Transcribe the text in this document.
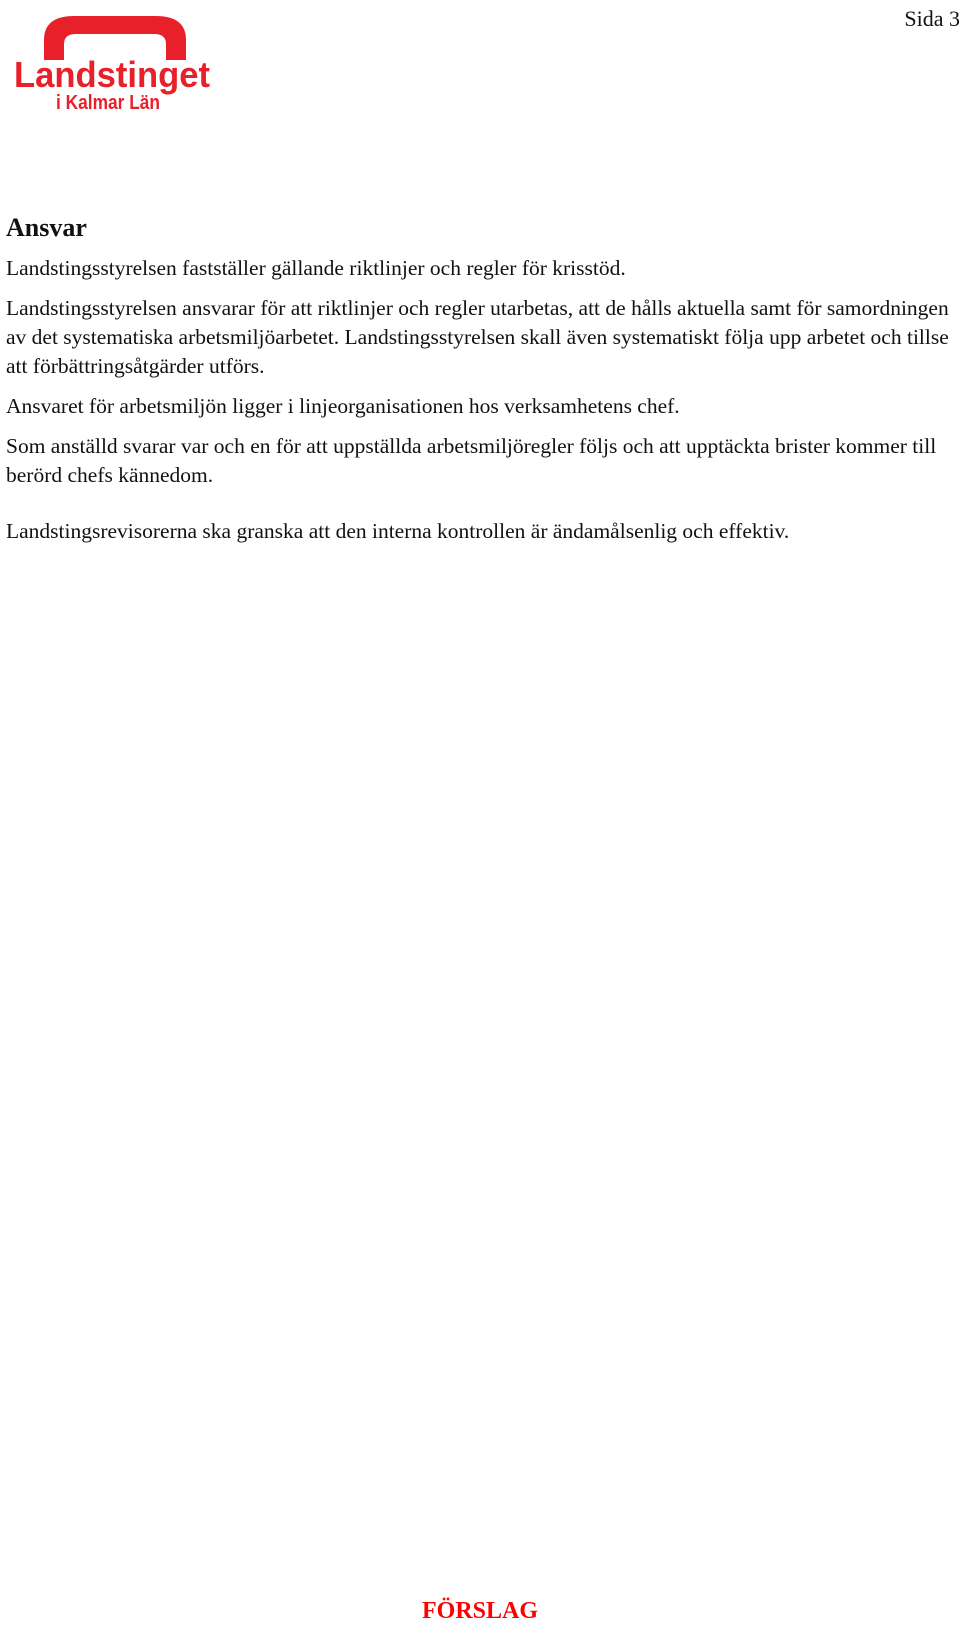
Landstinget
i Kalmar Län
Sida 3
Ansvar

Landstingsstyrelsen fastställer gällande riktlinjer och regler för krisstöd.

Landstingsstyrelsen ansvarar för att riktlinjer och regler utarbetas, att de hålls aktuella samt för samordningen av det systematiska arbetsmiljöarbetet. Landstingsstyrelsen skall även systematiskt följa upp arbetet och tillse att förbättringsåtgärder utförs.

Ansvaret för arbetsmiljön ligger i linjeorganisationen hos verksamhetens chef.

Som anställd svarar var och en för att uppställda arbetsmiljöregler följs och att upptäckta brister kommer till berörd chefs kännedom.

Landstingsrevisorerna ska granska att den interna kontrollen är ändamålsenlig och effektiv.

FÖRSLAG
